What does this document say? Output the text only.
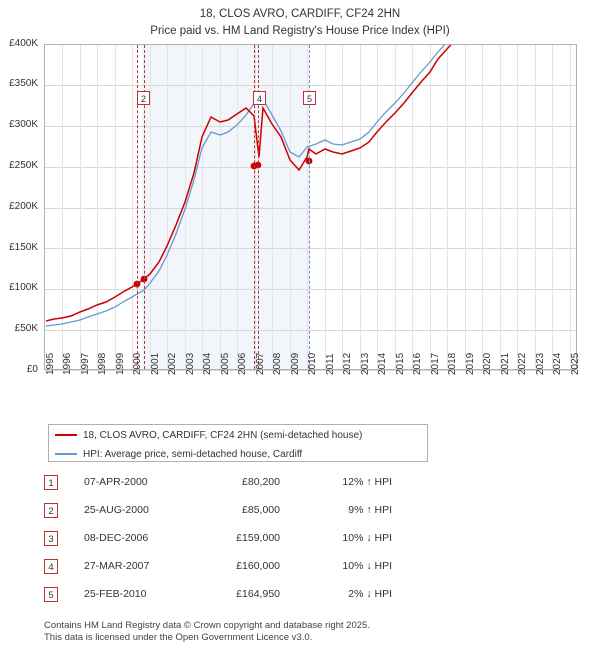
18, CLOS AVRO, CARDIFF, CF24 2HN
Price paid vs. HM Land Registry's House Price Index (HPI)
£400K
£350K
£300K
£250K
£200K
£150K
£100K
£50K
£0
2	4	5
1995 1996 1997 1998 1999 2000 2001 2002 2003 2004 2005 2006 2007 2008 2009 2010 2011 2012 2013 2014 2015 2016 2017 2018 2019 2020 2021 2022 2023 2024 2025
18, CLOS AVRO, CARDIFF, CF24 2HN (semi-detached house)
HPI: Average price, semi-detached house, Cardiff
1	07-APR-2000	£80,200	12% ↑ HPI
2	25-AUG-2000	£85,000	9% ↑ HPI
3	08-DEC-2006	£159,000	10% ↓ HPI
4	27-MAR-2007	£160,000	10% ↓ HPI
5	25-FEB-2010	£164,950	2% ↓ HPI
Contains HM Land Registry data © Crown copyright and database right 2025.
This data is licensed under the Open Government Licence v3.0.
